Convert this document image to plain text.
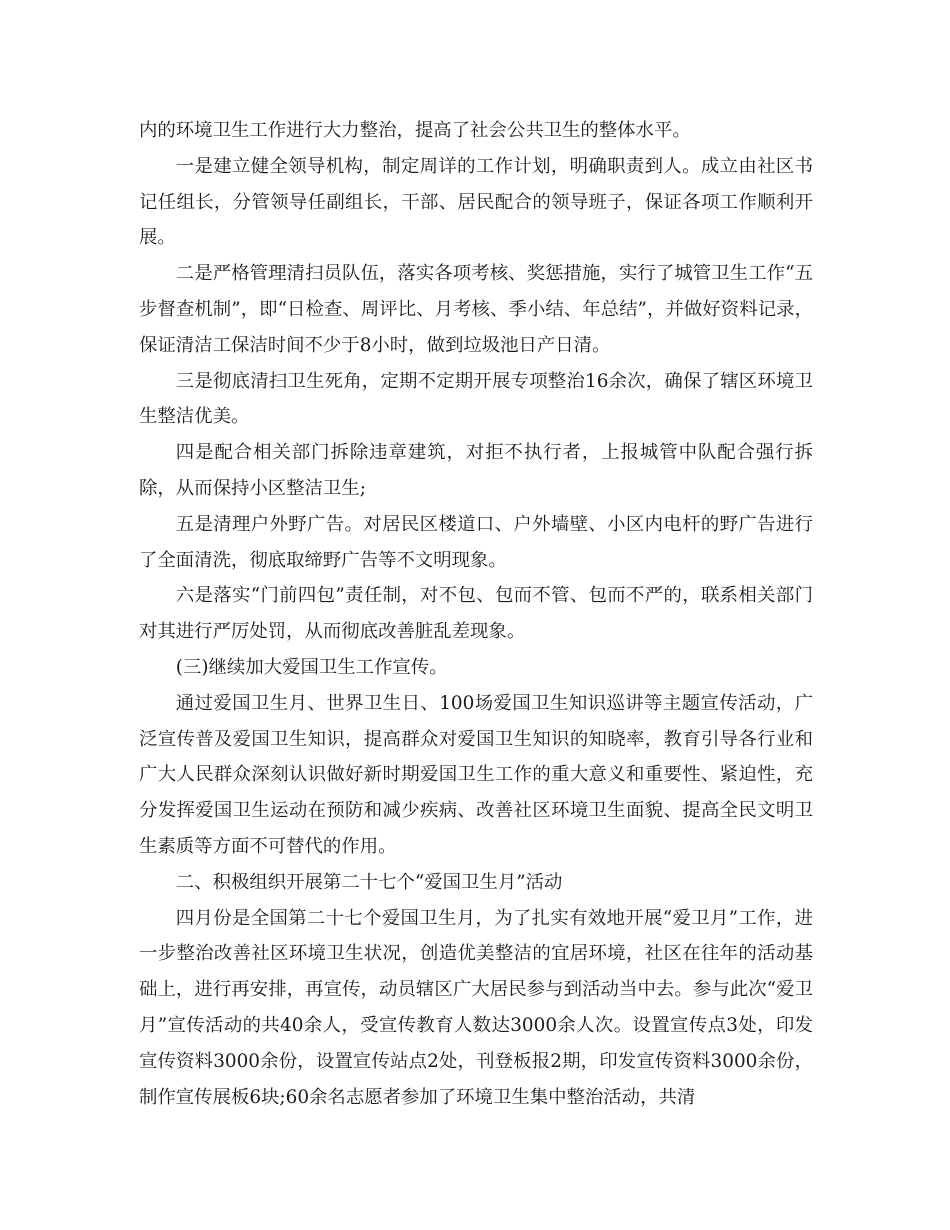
内的环境卫生工作进行大力整治，提高了社会公共卫生的整体水平。

一是建立健全领导机构，制定周详的工作计划，明确职责到人。成立由社区书记任组长，分管领导任副组长，干部、居民配合的领导班子，保证各项工作顺利开展。

二是严格管理清扫员队伍，落实各项考核、奖惩措施，实行了城管卫生工作“五步督查机制”，即“日检查、周评比、月考核、季小结、年总结”，并做好资料记录，保证清洁工保洁时间不少于8小时，做到垃圾池日产日清。

三是彻底清扫卫生死角，定期不定期开展专项整治16余次，确保了辖区环境卫生整洁优美。

四是配合相关部门拆除违章建筑，对拒不执行者，上报城管中队配合强行拆除，从而保持小区整洁卫生;

五是清理户外野广告。对居民区楼道口、户外墙壁、小区内电杆的野广告进行了全面清洗，彻底取缔野广告等不文明现象。

六是落实“门前四包”责任制，对不包、包而不管、包而不严的，联系相关部门对其进行严厉处罚，从而彻底改善脏乱差现象。

(三)继续加大爱国卫生工作宣传。

通过爱国卫生月、世界卫生日、100场爱国卫生知识巡讲等主题宣传活动，广泛宣传普及爱国卫生知识，提高群众对爱国卫生知识的知晓率，教育引导各行业和广大人民群众深刻认识做好新时期爱国卫生工作的重大意义和重要性、紧迫性，充分发挥爱国卫生运动在预防和减少疾病、改善社区环境卫生面貌、提高全民文明卫生素质等方面不可替代的作用。

二、积极组织开展第二十七个“爱国卫生月”活动

四月份是全国第二十七个爱国卫生月，为了扎实有效地开展“爱卫月”工作，进一步整治改善社区环境卫生状况，创造优美整洁的宜居环境，社区在往年的活动基础上，进行再安排，再宣传，动员辖区广大居民参与到活动当中去。参与此次“爱卫月”宣传活动的共40余人，受宣传教育人数达3000余人次。设置宣传点3处，印发宣传资料3000余份，设置宣传站点2处，刊登板报2期，印发宣传资料3000余份，制作宣传展板6块;60余名志愿者参加了环境卫生集中整治活动，共清
